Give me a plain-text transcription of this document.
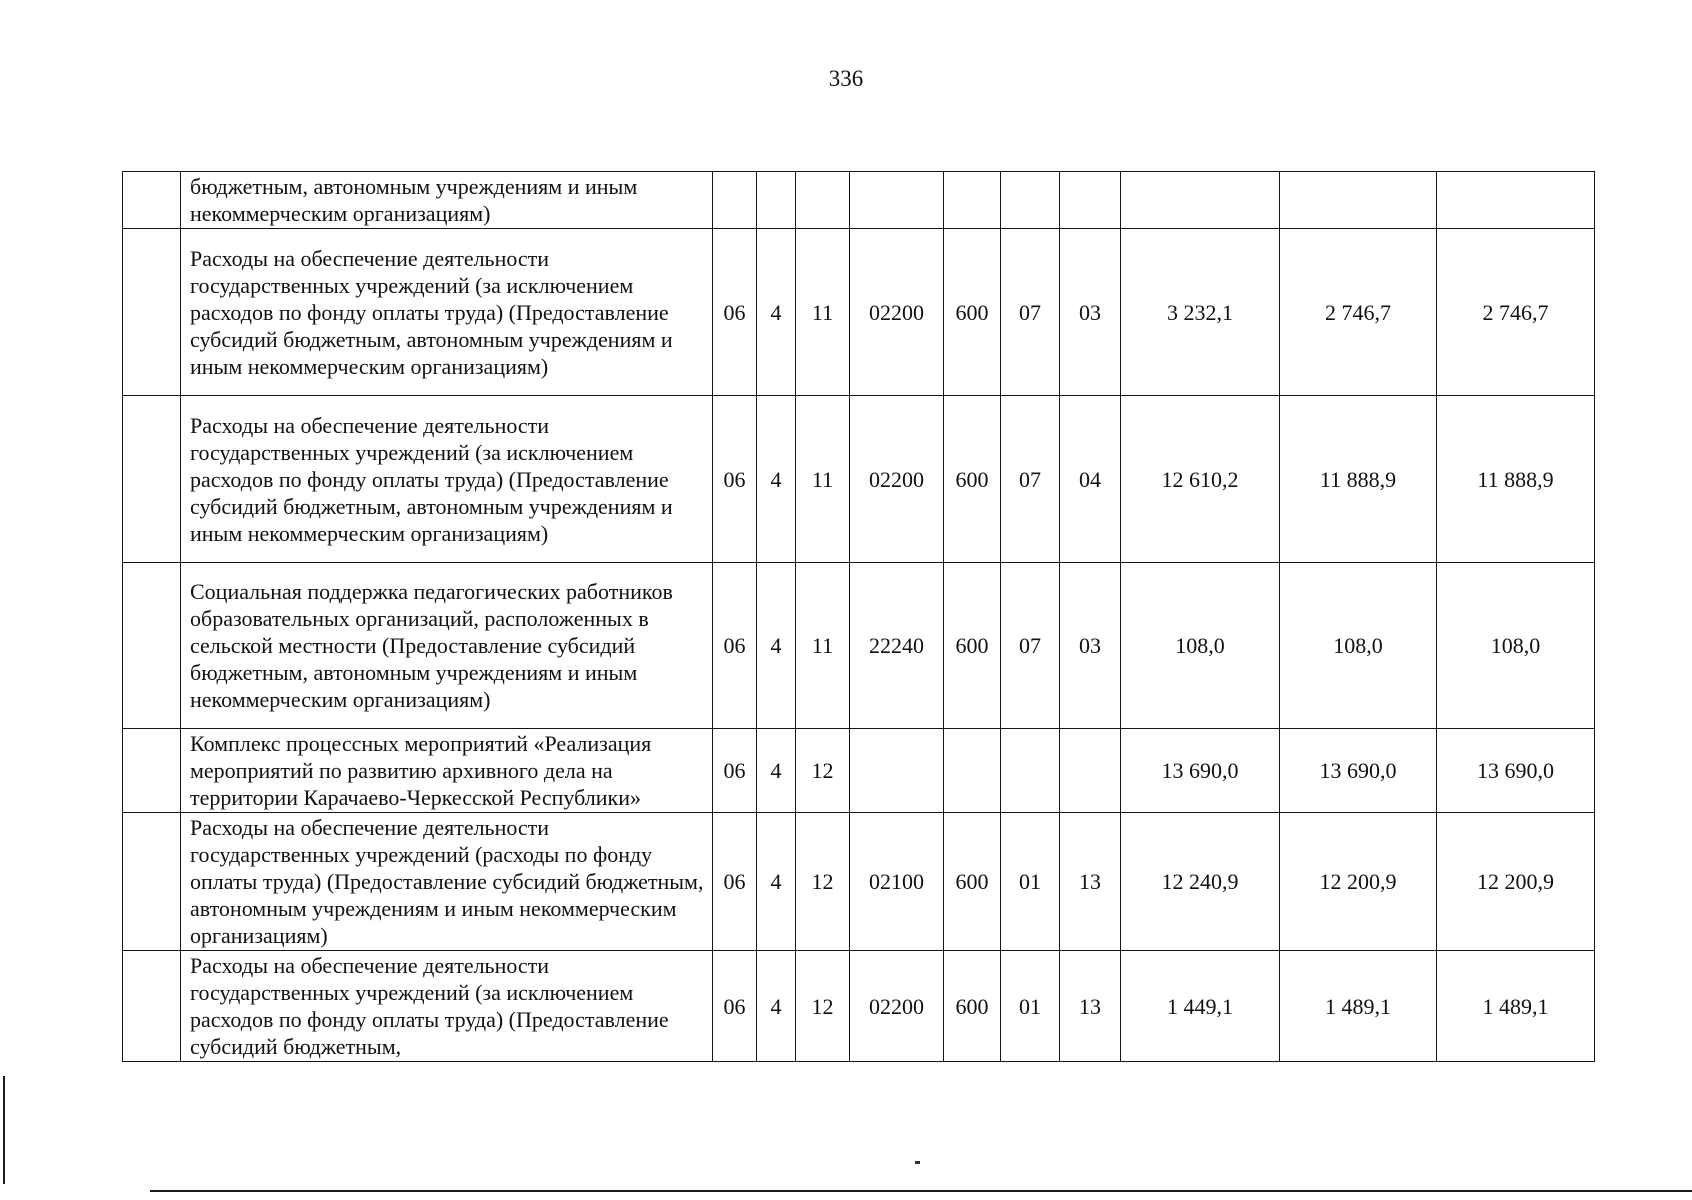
336
	бюджетным, автономным учреждениям и иным некоммерческим организациям)										
	Расходы на обеспечение деятельности государственных учреждений (за исключением расходов по фонду оплаты труда) (Предоставление субсидий бюджетным, автономным учреждениям и иным некоммерческим организациям)	06	4	11	02200	600	07	03	3 232,1	2 746,7	2 746,7
	Расходы на обеспечение деятельности государственных учреждений (за исключением расходов по фонду оплаты труда) (Предоставление субсидий бюджетным, автономным учреждениям и иным некоммерческим организациям)	06	4	11	02200	600	07	04	12 610,2	11 888,9	11 888,9
	Социальная поддержка педагогических работников образовательных организаций, расположенных в сельской местности (Предоставление субсидий бюджетным, автономным учреждениям и иным некоммерческим организациям)	06	4	11	22240	600	07	03	108,0	108,0	108,0
	Комплекс процессных мероприятий «Реализация мероприятий по развитию архивного дела на территории Карачаево-Черкесской Республики»	06	4	12					13 690,0	13 690,0	13 690,0
	Расходы на обеспечение деятельности государственных учреждений (расходы по фонду оплаты труда) (Предоставление субсидий бюджетным, автономным учреждениям и иным некоммерческим организациям)	06	4	12	02100	600	01	13	12 240,9	12 200,9	12 200,9
	Расходы на обеспечение деятельности государственных учреждений (за исключением расходов по фонду оплаты труда) (Предоставление субсидий бюджетным,	06	4	12	02200	600	01	13	1 449,1	1 489,1	1 489,1
